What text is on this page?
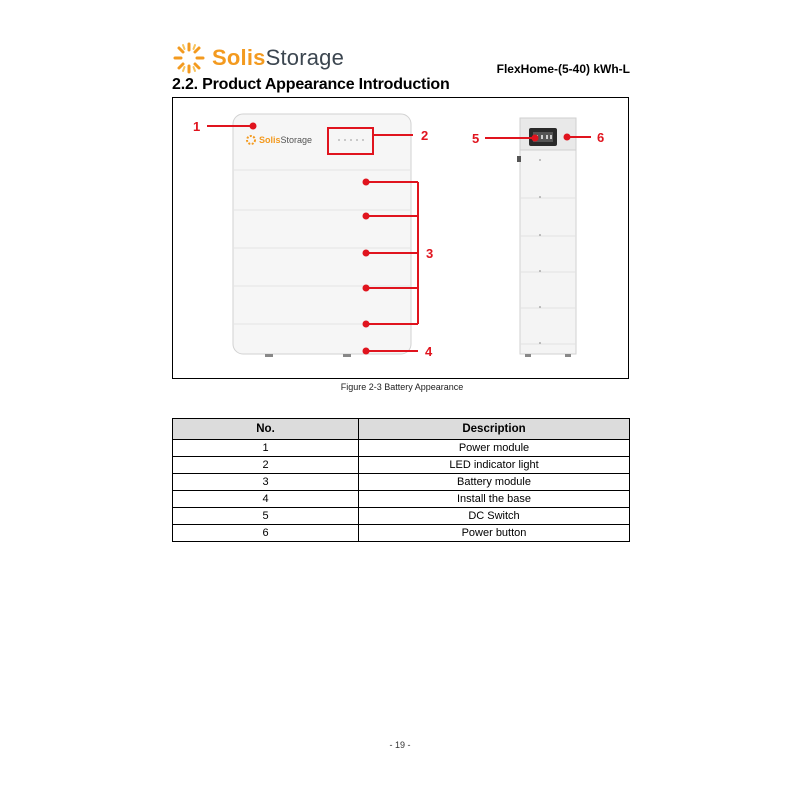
SolisStorage	FlexHome-(5-40) kWh-L
2.2. Product Appearance Introduction
SolisStorage
1
2
3
4
5	6
Figure 2-3 Battery Appearance
No.	Description
1	Power module
2	LED indicator light
3	Battery module
4	Install the base
5	DC Switch
6	Power button
- 19 -
